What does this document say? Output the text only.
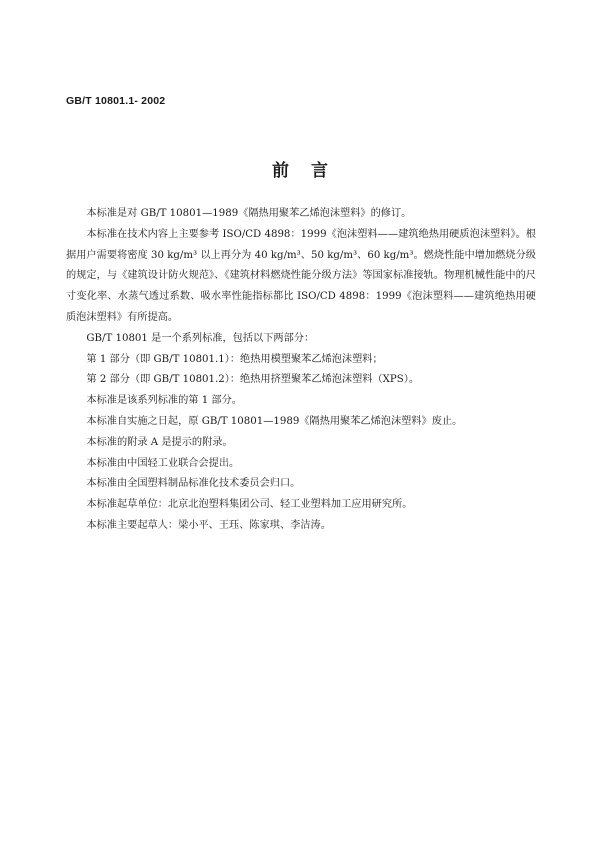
GB/T 10801.1- 2002
前言

本标准是对 GB/T 10801—1989《隔热用聚苯乙烯泡沫塑料》的修订。

本标准在技术内容上主要参考 ISO/CD 4898：1999《泡沫塑料——建筑绝热用硬质泡沫塑料》。根据用户需要将密度 30 kg/m³ 以上再分为 40 kg/m³、50 kg/m³、60 kg/m³。燃烧性能中增加燃烧分级的规定，与《建筑设计防火规范》、《建筑材料燃烧性能分级方法》等国家标准接轨。物理机械性能中的尺寸变化率、水蒸气透过系数、吸水率性能指标都比 ISO/CD 4898：1999《泡沫塑料——建筑绝热用硬质泡沫塑料》有所提高。

GB/T 10801 是一个系列标准，包括以下两部分：

第 1 部分（即 GB/T 10801.1）：绝热用模塑聚苯乙烯泡沫塑料；

第 2 部分（即 GB/T 10801.2）：绝热用挤塑聚苯乙烯泡沫塑料（XPS）。

本标准是该系列标准的第 1 部分。

本标准自实施之日起，原 GB/T 10801—1989《隔热用聚苯乙烯泡沫塑料》废止。

本标准的附录 A 是提示的附录。

本标准由中国轻工业联合会提出。

本标准由全国塑料制品标准化技术委员会归口。

本标准起草单位：北京北泡塑料集团公司、轻工业塑料加工应用研究所。

本标准主要起草人：梁小平、王珏、陈家琪、李洁涛。
